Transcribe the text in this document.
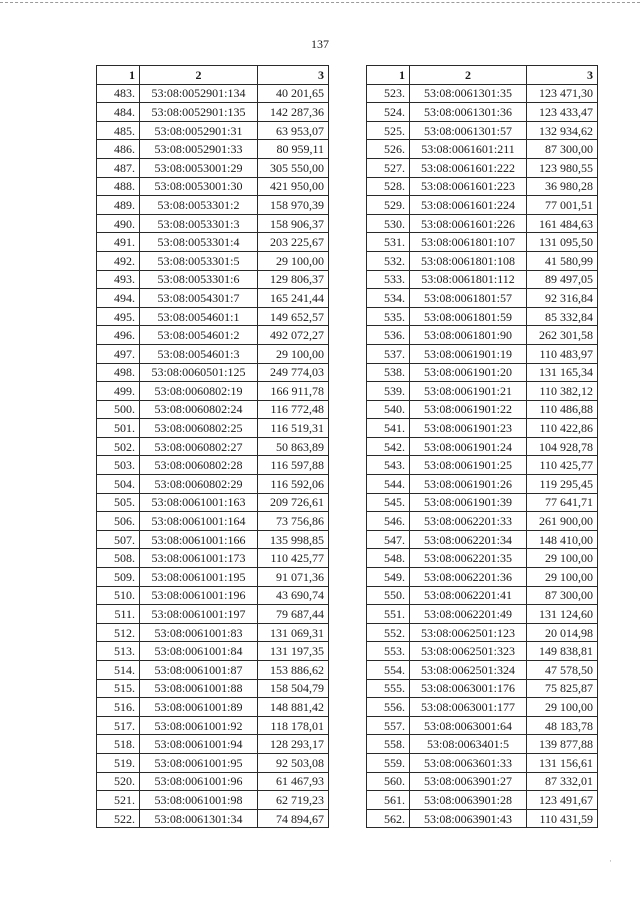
137
1	2	3
483.	53:08:0052901:134	40 201,65
484.	53:08:0052901:135	142 287,36
485.	53:08:0052901:31	63 953,07
486.	53:08:0052901:33	80 959,11
487.	53:08:0053001:29	305 550,00
488.	53:08:0053001:30	421 950,00
489.	53:08:0053301:2	158 970,39
490.	53:08:0053301:3	158 906,37
491.	53:08:0053301:4	203 225,67
492.	53:08:0053301:5	29 100,00
493.	53:08:0053301:6	129 806,37
494.	53:08:0054301:7	165 241,44
495.	53:08:0054601:1	149 652,57
496.	53:08:0054601:2	492 072,27
497.	53:08:0054601:3	29 100,00
498.	53:08:0060501:125	249 774,03
499.	53:08:0060802:19	166 911,78
500.	53:08:0060802:24	116 772,48
501.	53:08:0060802:25	116 519,31
502.	53:08:0060802:27	50 863,89
503.	53:08:0060802:28	116 597,88
504.	53:08:0060802:29	116 592,06
505.	53:08:0061001:163	209 726,61
506.	53:08:0061001:164	73 756,86
507.	53:08:0061001:166	135 998,85
508.	53:08:0061001:173	110 425,77
509.	53:08:0061001:195	91 071,36
510.	53:08:0061001:196	43 690,74
511.	53:08:0061001:197	79 687,44
512.	53:08:0061001:83	131 069,31
513.	53:08:0061001:84	131 197,35
514.	53:08:0061001:87	153 886,62
515.	53:08:0061001:88	158 504,79
516.	53:08:0061001:89	148 881,42
517.	53:08:0061001:92	118 178,01
518.	53:08:0061001:94	128 293,17
519.	53:08:0061001:95	92 503,08
520.	53:08:0061001:96	61 467,93
521.	53:08:0061001:98	62 719,23
522.	53:08:0061301:34	74 894,67
1	2	3
523.	53:08:0061301:35	123 471,30
524.	53:08:0061301:36	123 433,47
525.	53:08:0061301:57	132 934,62
526.	53:08:0061601:211	87 300,00
527.	53:08:0061601:222	123 980,55
528.	53:08:0061601:223	36 980,28
529.	53:08:0061601:224	77 001,51
530.	53:08:0061601:226	161 484,63
531.	53:08:0061801:107	131 095,50
532.	53:08:0061801:108	41 580,99
533.	53:08:0061801:112	89 497,05
534.	53:08:0061801:57	92 316,84
535.	53:08:0061801:59	85 332,84
536.	53:08:0061801:90	262 301,58
537.	53:08:0061901:19	110 483,97
538.	53:08:0061901:20	131 165,34
539.	53:08:0061901:21	110 382,12
540.	53:08:0061901:22	110 486,88
541.	53:08:0061901:23	110 422,86
542.	53:08:0061901:24	104 928,78
543.	53:08:0061901:25	110 425,77
544.	53:08:0061901:26	119 295,45
545.	53:08:0061901:39	77 641,71
546.	53:08:0062201:33	261 900,00
547.	53:08:0062201:34	148 410,00
548.	53:08:0062201:35	29 100,00
549.	53:08:0062201:36	29 100,00
550.	53:08:0062201:41	87 300,00
551.	53:08:0062201:49	131 124,60
552.	53:08:0062501:123	20 014,98
553.	53:08:0062501:323	149 838,81
554.	53:08:0062501:324	47 578,50
555.	53:08:0063001:176	75 825,87
556.	53:08:0063001:177	29 100,00
557.	53:08:0063001:64	48 183,78
558.	53:08:0063401:5	139 877,88
559.	53:08:0063601:33	131 156,61
560.	53:08:0063901:27	87 332,01
561.	53:08:0063901:28	123 491,67
562.	53:08:0063901:43	110 431,59
·
